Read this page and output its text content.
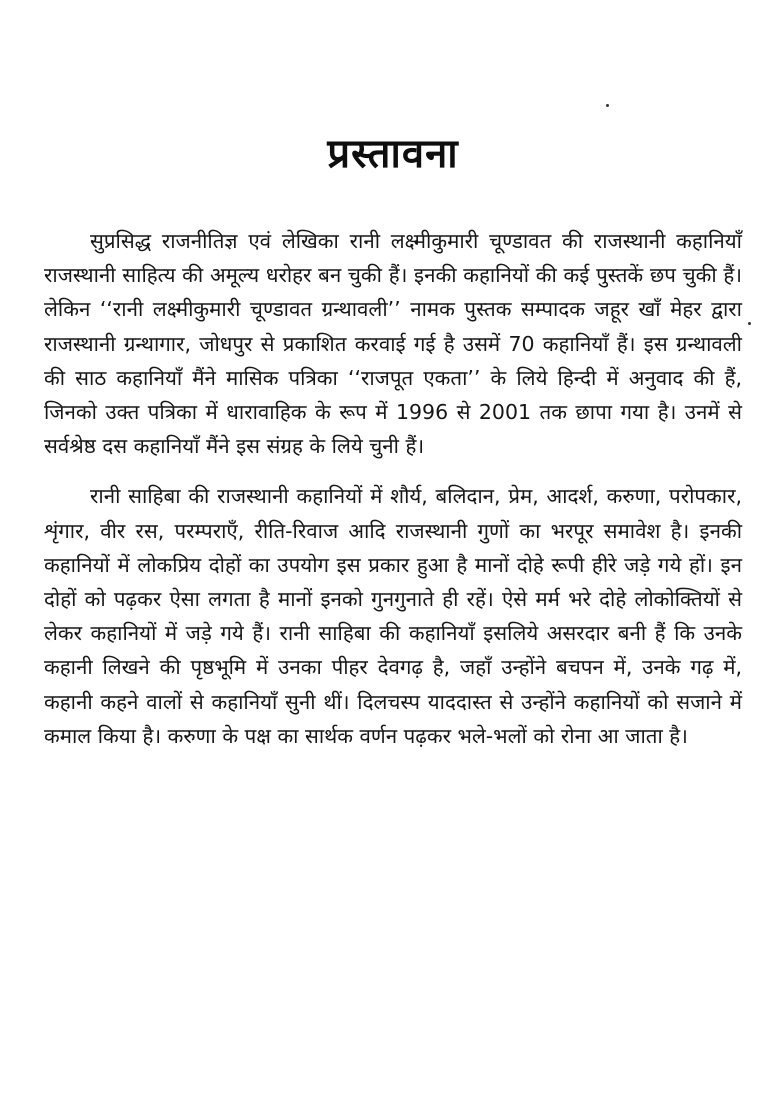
प्रस्तावना

सुप्रसिद्ध राजनीतिज्ञ एवं लेखिका रानी लक्ष्मीकुमारी चूण्डावत की राजस्थानी कहानियाँ राजस्थानी साहित्य की अमूल्य धरोहर बन चुकी हैं। इनकी कहानियों की कई पुस्तकें छप चुकी हैं। लेकिन ‘‘रानी लक्ष्मीकुमारी चूण्डावत ग्रन्थावली’’ नामक पुस्तक सम्पादक जहूर खाँ मेहर द्वारा राजस्थानी ग्रन्थागार, जोधपुर से प्रकाशित करवाई गई है उसमें 70 कहानियाँ हैं। इस ग्रन्थावली की साठ कहानियाँ मैंने मासिक पत्रिका ‘‘राजपूत एकता’’ के लिये हिन्दी में अनुवाद की हैं, जिनको उक्त पत्रिका में धारावाहिक के रूप में 1996 से 2001 तक छापा गया है। उनमें से सर्वश्रेष्ठ दस कहानियाँ मैंने इस संग्रह के लिये चुनी हैं।

रानी साहिबा की राजस्थानी कहानियों में शौर्य, बलिदान, प्रेम, आदर्श, करुणा, परोपकार, शृंगार, वीर रस, परम्पराएँ, रीति-रिवाज आदि राजस्थानी गुणों का भरपूर समावेश है। इनकी कहानियों में लोकप्रिय दोहों का उपयोग इस प्रकार हुआ है मानों दोहे रूपी हीरे जड़े गये हों। इन दोहों को पढ़कर ऐसा लगता है मानों इनको गुनगुनाते ही रहें। ऐसे मर्म भरे दोहे लोकोक्तियों से लेकर कहानियों में जड़े गये हैं। रानी साहिबा की कहानियाँ इसलिये असरदार बनी हैं कि उनके कहानी लिखने की पृष्ठभूमि में उनका पीहर देवगढ़ है, जहाँ उन्होंने बचपन में, उनके गढ़ में, कहानी कहने वालों से कहानियाँ सुनी थीं। दिलचस्प याददास्त से उन्होंने कहानियों को सजाने में कमाल किया है। करुणा के पक्ष का सार्थक वर्णन पढ़कर भले-भलों को रोना आ जाता है।
